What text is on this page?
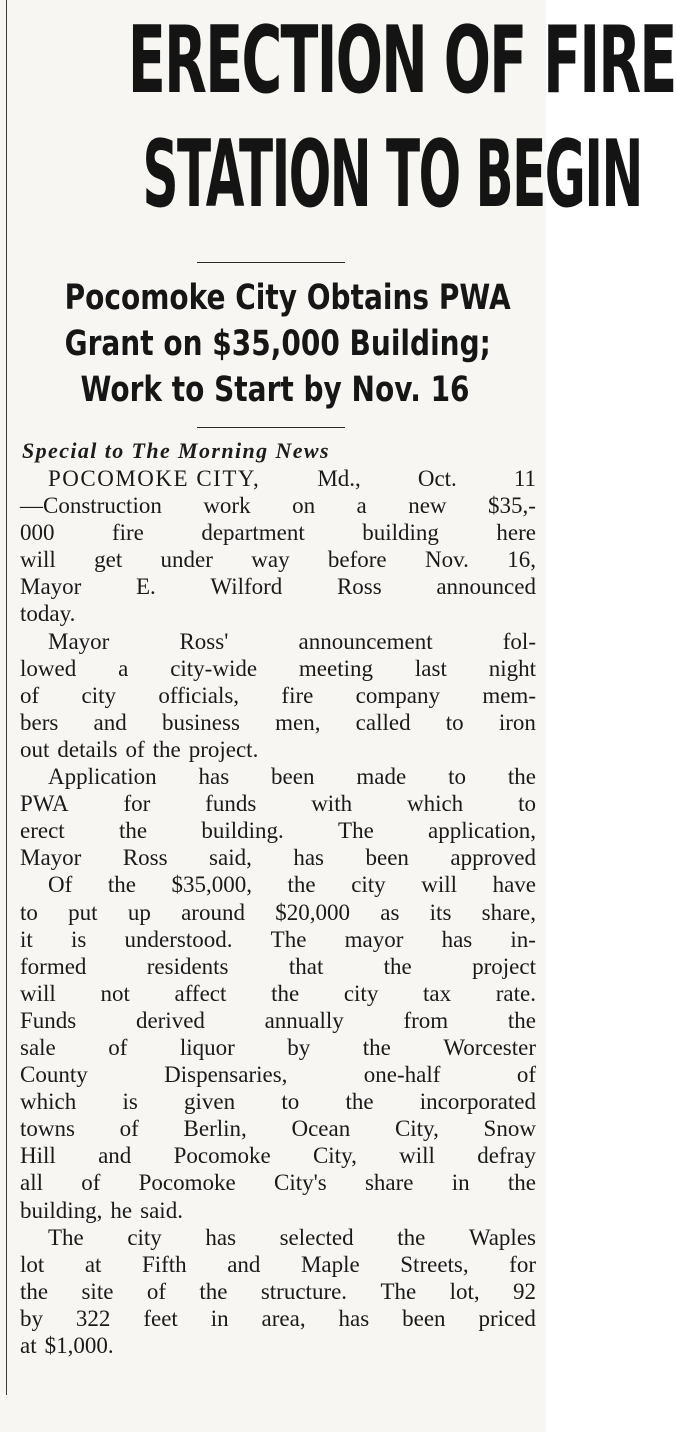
ERECTION OF FIRE
STATION TO BEGIN
Pocomoke City Obtains PWA
Grant on $35,000 Building;
Work to Start by Nov. 16
Special to The Morning News
POCOMOKE CITY, Md., Oct. 11
—Construction work on a new $35,-
000 fire department building here
will get under way before Nov. 16,
Mayor E. Wilford Ross announced
today.
Mayor	Ross'	announcement	fol-
lowed a city-wide meeting last night
of city officials, fire company mem-
bers and business men, called to iron
out details of the project.
Application has been made to the
PWA for funds with which to
erect the building. The application,
Mayor Ross said, has been approved
Of the $35,000, the city will have
to put up around $20,000 as its share,
it is understood. The mayor has in-
formed	residents	that	the	project
will not affect the city tax rate.
Funds	derived	annually	from	the
sale of liquor by the Worcester
County	Dispensaries,	one-half	of
which is given to the incorporated
towns of Berlin, Ocean City, Snow
Hill and Pocomoke City, will defray
all of Pocomoke City's share in the
building, he said.
The city has selected the Waples
lot at Fifth and Maple Streets, for
the site of the structure. The lot, 92
by 322 feet in area, has been priced
at $1,000.
